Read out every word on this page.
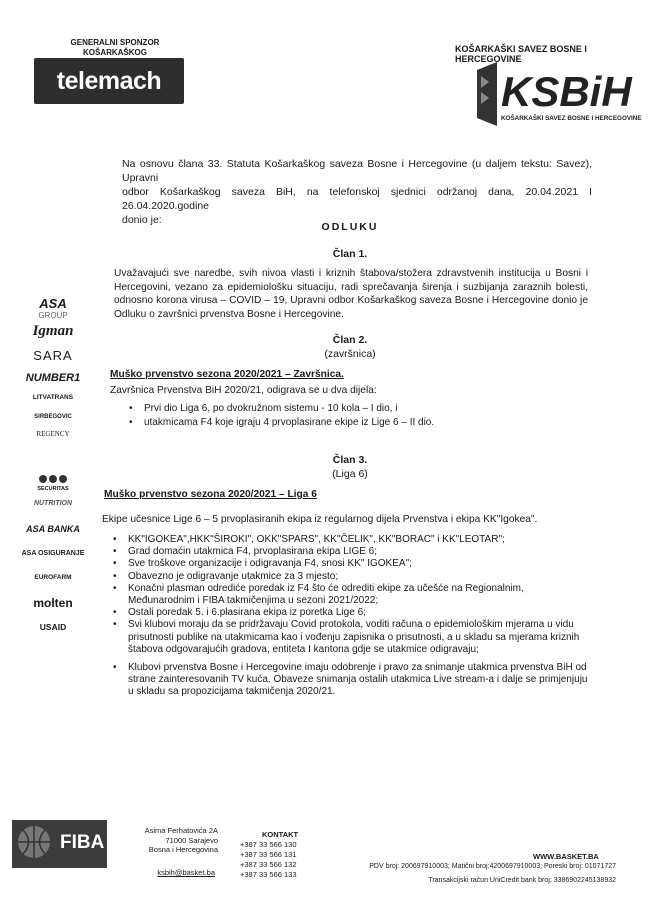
GENERALNI SPONZOR KOŠARKAŠKOG
telemach
KOŠARKAŠKI SAVEZ BOSNE I HERCEGOVINE
KSBiH
KOŠARKAŠKI SAVEZ BOSNE I HERCEGOVINE
Na osnovu člana 33. Statuta Košarkaškog saveza Bosne i Hercegovine (u daljem tekstu: Savez), Upravni
odbor Košarkaškog saveza BiH, na telefonskoj sjednici održanoj dana, 20.04.2021 I 26.04.2020.godine
donio je:
ODLUKU
Član 1.
Uvažavajući sve naredbe, svih nivoa vlasti i kriznih štabova/stožera zdravstvenih institucija u Bosni i Hercegovini, vezano za epidemiološku situaciju, radi sprečavanja širenja i suzbijanja zaraznih bolesti, odnosno korona virusa – COVID – 19, Upravni odbor Košarkaškog saveza Bosne i Hercegovine donio je Odluku o završnici prvenstva Bosne i Hercegovine.
Član 2.
(završnica)
Muško prvenstvo sezona 2020/2021 – Završnica.
Završnica Prvenstva BiH 2020/21, odigrava se u dva dijela:
• Prvi dio Liga 6, po dvokružnom sistemu - 10 kola – I dio, i
• utakmicama F4 koje igraju 4 prvoplasirane ekipe iz Lige 6 – II dio.
Član 3.
(Liga 6)
Muško prvenstvo sezona 2020/2021 – Liga 6
Ekipe učesnice Lige 6 – 5 prvoplasiranih ekipa iz regularnog dijela Prvenstva i ekipa KK"Igokea".
• KK"IGOKEA",HKK"ŠIROKI", OKK"SPARS", KK"ČELIK", KK"BORAC" i KK"LEOTAR";
• Grad domaćin utakmica F4, prvoplasirana ekipa LIGE 6;
• Sve troškove organizacije i odigravanja F4, snosi KK" IGOKEA";
• Obavezno je odigravanje utakmice za 3 mjesto;
• Konačni plasman odrediće poredak iz F4 što će odrediti ekipe za učešće na Regionalnim, Međunarodnim i FIBA takmičenjima u sezoni 2021/2022;
• Ostali poredak 5. i 6.plasirana ekipa iz poretka Lige 6;
• Svi klubovi moraju da se pridržavaju Covid protokola, voditi računa o epidemiološkim mjerama u vidu prisutnosti publike na utakmicama kao i vođenju zapisnika o prisutnosti, a u skladu sa mjerama kriznih štabova odgovarajućih gradova, entiteta I kantona gdje se utakmice odigravaju;
• Klubovi prvenstva Bosne i Hercegovine imaju odobrenje i pravo za snimanje utakmica prvenstva BiH od strane zainteresovanih TV kuća. Obaveze snimanja ostalih utakmica Live stream-a i dalje se primjenjuju u skladu sa propozicijama takmičenja 2020/21.
ASA
GROUP
Igman
SARA
NUMBER1
LITVATRANS
SIRBEGOVIC
REGENCY
SECURITAS
NUTRITION
ASA BANKA
ASA OSIGURANJE
EUROFARM
molten
USAID
FIBA
Asima Ferhatovića 2A
71000 Sarajevo
Bosna i Hercegovina
ksbih@basket.ba
KONTAKT
+387 33 566 130
+387 33 566 131
+387 33 566 132
+387 33 566 133
WWW.BASKET.BA
PDV broj: 200697910003; Matični broj:4200697910003; Poreski broj: 01071727
Transakcijski račun UniCredit bank broj: 3386902245138932
